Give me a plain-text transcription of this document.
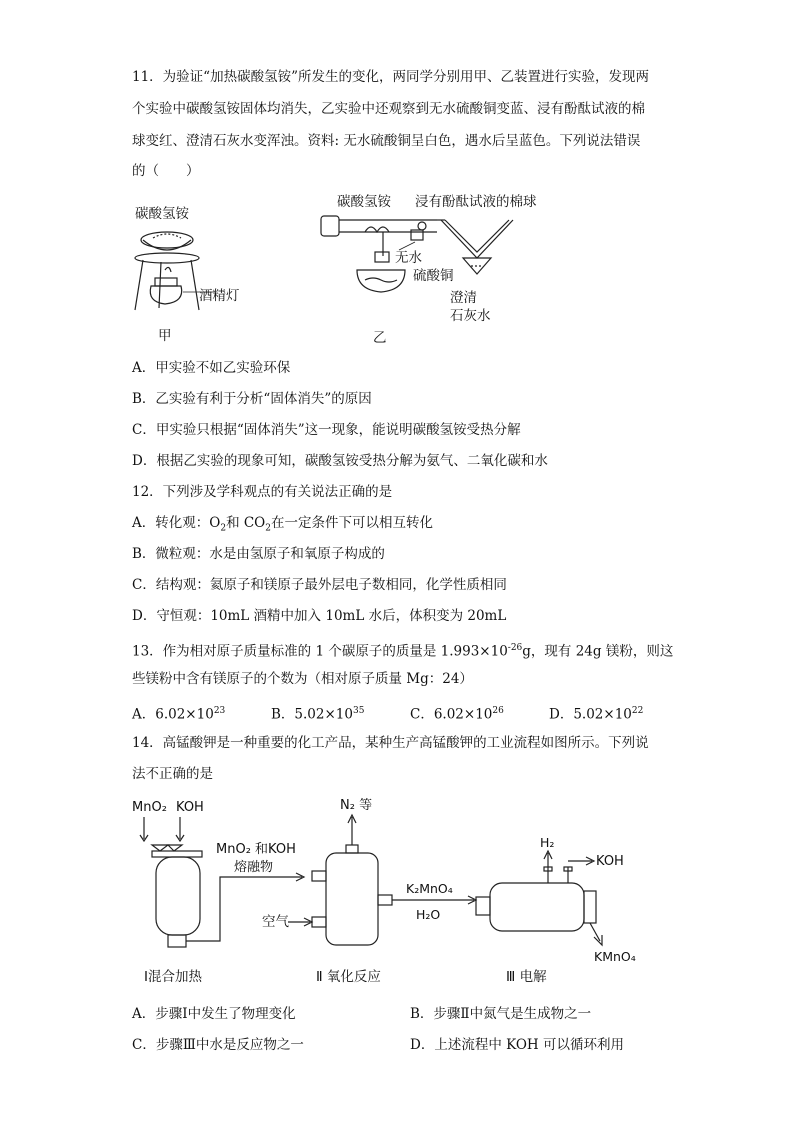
11．为验证“加热碳酸氢铵”所发生的变化，两同学分别用甲、乙装置进行实验，发现两
个实验中碳酸氢铵固体均消失，乙实验中还观察到无水硫酸铜变蓝、浸有酚酞试液的棉
球变红、澄清石灰水变浑浊。资料: 无水硫酸铜呈白色，遇水后呈蓝色。下列说法错误
的（　　）
碳酸氢铵
酒精灯
甲
碳酸氢铵 浸有酚酞试液的棉球
无水
硫酸铜
澄清
石灰水
乙
A．甲实验不如乙实验环保
B．乙实验有利于分析“固体消失”的原因
C．甲实验只根据“固体消失”这一现象，能说明碳酸氢铵受热分解
D．根据乙实验的现象可知，碳酸氢铵受热分解为氨气、二氧化碳和水
12．下列涉及学科观点的有关说法正确的是
A．转化观：$O_2$和 $CO_2$在一定条件下可以相互转化
B．微粒观：水是由氢原子和氧原子构成的
C．结构观：氦原子和镁原子最外层电子数相同，化学性质相同
D．守恒观：10mL 酒精中加入 10mL 水后，体积变为 20mL
13．作为相对原子质量标准的 1 个碳原子的质量是 $1.993\times 10^{-26}g$，现有 24g 镁粉，则这
些镁粉中含有镁原子的个数为（相对原子质量 Mg：24）
A．$6.02\times 10^{23}$	B．$5.02\times 10^{35}$	C．$6.02\times 10^{26}$	D．$5.02\times 10^{22}$
14．高锰酸钾是一种重要的化工产品，某种生产高锰酸钾的工业流程如图所示。下列说
法不正确的是
MnO₂ KOH
MnO₂ 和KOH
熔融物
N₂ 等
空气
K₂MnO₄
H₂O
H₂
KOH
KMnO₄
Ⅰ混合加热	Ⅱ 氧化反应	Ⅲ 电解
A．步骤Ⅰ中发生了物理变化	B．步骤Ⅱ中氮气是生成物之一
C．步骤Ⅲ中水是反应物之一	D．上述流程中 KOH 可以循环利用
